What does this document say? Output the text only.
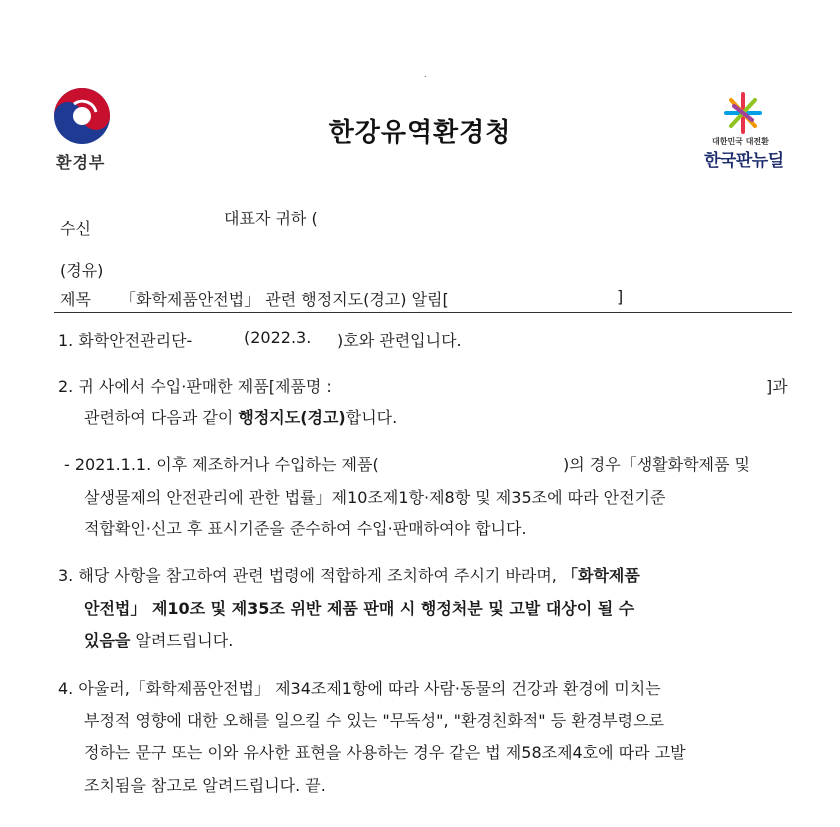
.
환경부
한강유역환경청	대한민국 대전환
한국판뉴딜
대표자 귀하 (
수신
(경유)
제목 「화학제품안전법」 관련 행정지도(경고) 알림[	]
1. 화학안전관리단-	(2022.3. )호와 관련입니다.
2. 귀 사에서 수입·판매한 제품[제품명 :	]과
관련하여 다음과 같이 행정지도(경고)합니다.
- 2021.1.1. 이후 제조하거나 수입하는 제품(	)의 경우「생활화학제품 및
살생물제의 안전관리에 관한 법률」제10조제1항·제8항 및 제35조에 따라 안전기준
적합확인·신고 후 표시기준을 준수하여 수입·판매하여야 합니다.
3. 해당 사항을 참고하여 관련 법령에 적합하게 조치하여 주시기 바라며, 「화학제품
안전법」 제10조 및 제35조 위반 제품 판매 시 행정처분 및 고발 대상이 될 수
있음을 알려드립니다.
4. 아울러,「화학제품안전법」 제34조제1항에 따라 사람·동물의 건강과 환경에 미치는
부정적 영향에 대한 오해를 일으킬 수 있는 "무독성", "환경친화적" 등 환경부령으로
정하는 문구 또는 이와 유사한 표현을 사용하는 경우 같은 법 제58조제4호에 따라 고발
조치됨을 참고로 알려드립니다. 끝.
